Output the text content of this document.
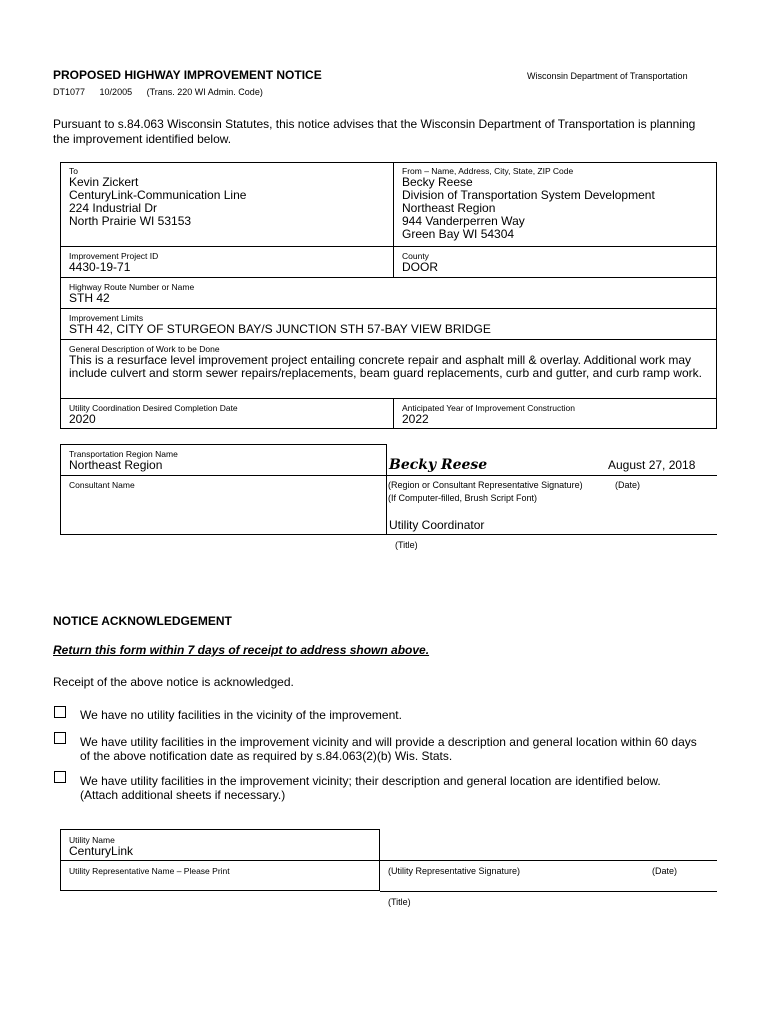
PROPOSED HIGHWAY IMPROVEMENT NOTICE	Wisconsin Department of Transportation
DT1077 10/2005 (Trans. 220 WI Admin. Code)
Pursuant to s.84.063 Wisconsin Statutes, this notice advises that the Wisconsin Department of Transportation is planning the improvement identified below.
To
Kevin Zickert
CenturyLink-Communication Line
224 Industrial Dr
North Prairie WI 53153
From – Name, Address, City, State, ZIP Code
Becky Reese
Division of Transportation System Development
Northeast Region
944 Vanderperren Way
Green Bay WI 54304
Improvement Project ID
4430-19-71
County
DOOR
Highway Route Number or Name
STH 42
Improvement Limits
STH 42, CITY OF STURGEON BAY/S JUNCTION STH 57-BAY VIEW BRIDGE
General Description of Work to be Done
This is a resurface level improvement project entailing concrete repair and asphalt mill & overlay. Additional work may include culvert and storm sewer repairs/replacements, beam guard replacements, curb and gutter, and curb ramp work.
Utility Coordination Desired Completion Date
2020
Anticipated Year of Improvement Construction
2022
Transportation Region Name
Northeast Region
Consultant Name
Becky Reese	August 27, 2018
(Region or Consultant Representative Signature)	(Date)
(If Computer-filled, Brush Script Font)
Utility Coordinator
(Title)
NOTICE ACKNOWLEDGEMENT
Return this form within 7 days of receipt to address shown above.
Receipt of the above notice is acknowledged.
We have no utility facilities in the vicinity of the improvement.
We have utility facilities in the improvement vicinity and will provide a description and general location within 60 days of the above notification date as required by s.84.063(2)(b) Wis. Stats.
We have utility facilities in the improvement vicinity; their description and general location are identified below. (Attach additional sheets if necessary.)
Utility Name
CenturyLink
Utility Representative Name – Please Print	(Utility Representative Signature)	(Date)
(Title)
